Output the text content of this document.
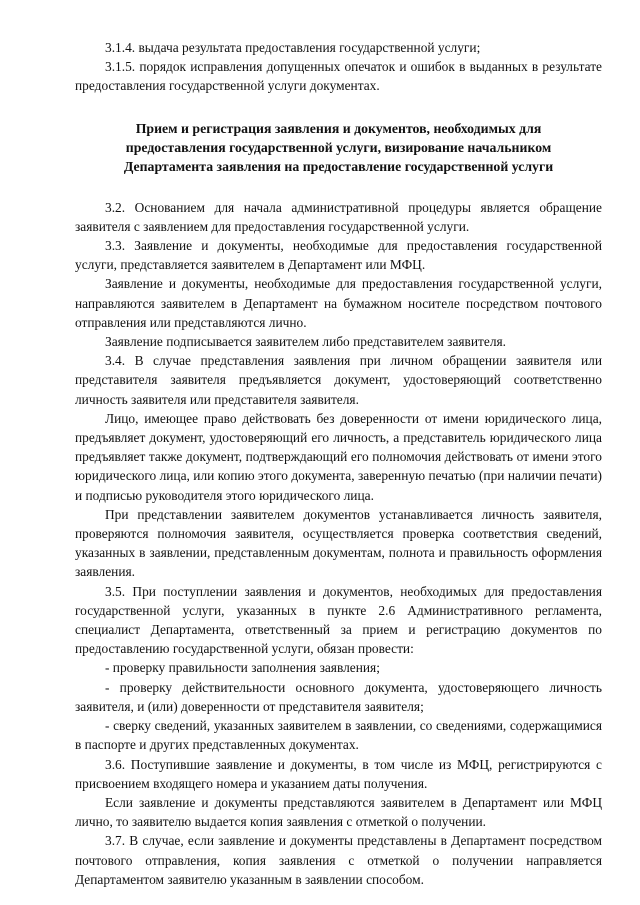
3.1.4. выдача результата предоставления государственной услуги;

3.1.5. порядок исправления допущенных опечаток и ошибок в выданных в результате предоставления государственной услуги документах.

Прием и регистрация заявления и документов, необходимых для
предоставления государственной услуги, визирование начальником
Департамента заявления на предоставление государственной услуги

3.2. Основанием для начала административной процедуры является обращение заявителя с заявлением для предоставления государственной услуги.

3.3. Заявление и документы, необходимые для предоставления государственной услуги, представляется заявителем в Департамент или МФЦ.

Заявление и документы, необходимые для предоставления государственной услуги, направляются заявителем в Департамент на бумажном носителе посредством почтового отправления или представляются лично.

Заявление подписывается заявителем либо представителем заявителя.

3.4. В случае представления заявления при личном обращении заявителя или представителя заявителя предъявляется документ, удостоверяющий соответственно личность заявителя или представителя заявителя.

Лицо, имеющее право действовать без доверенности от имени юридического лица, предъявляет документ, удостоверяющий его личность, а представитель юридического лица предъявляет также документ, подтверждающий его полномочия действовать от имени этого юридического лица, или копию этого документа, заверенную печатью (при наличии печати) и подписью руководителя этого юридического лица.

При представлении заявителем документов устанавливается личность заявителя, проверяются полномочия заявителя, осуществляется проверка соответствия сведений, указанных в заявлении, представленным документам, полнота и правильность оформления заявления.

3.5. При поступлении заявления и документов, необходимых для предоставления государственной услуги, указанных в пункте 2.6 Административного регламента, специалист Департамента, ответственный за прием и регистрацию документов по предоставлению государственной услуги, обязан провести:

- проверку правильности заполнения заявления;

- проверку действительности основного документа, удостоверяющего личность заявителя, и (или) доверенности от представителя заявителя;

- сверку сведений, указанных заявителем в заявлении, со сведениями, содержащимися в паспорте и других представленных документах.

3.6. Поступившие заявление и документы, в том числе из МФЦ, регистрируются с присвоением входящего номера и указанием даты получения.

Если заявление и документы представляются заявителем в Департамент или МФЦ лично, то заявителю выдается копия заявления с отметкой о получении.

3.7. В случае, если заявление и документы представлены в Департамент посредством почтового отправления, копия заявления с отметкой о получении направляется Департаментом заявителю указанным в заявлении способом.
